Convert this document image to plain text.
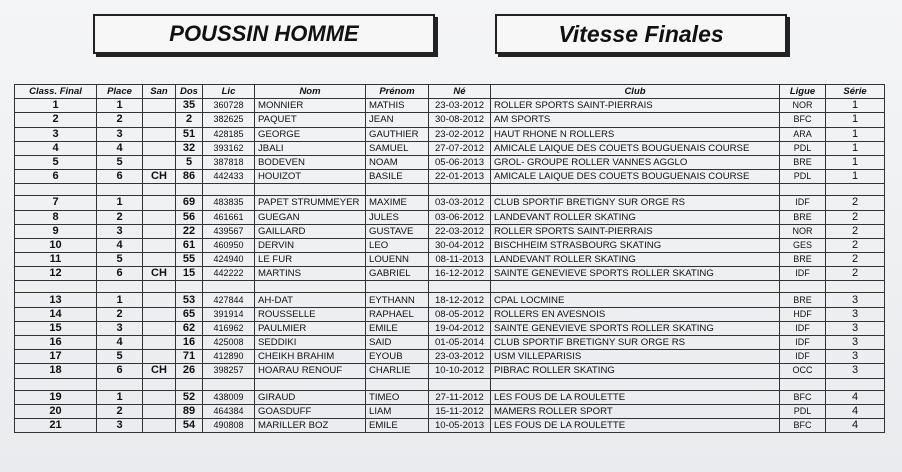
POUSSIN HOMME	Vitesse Finales
Class. Final	Place	San	Dos	Lic	Nom	Prénom	Né	Club	Ligue	Série
1	1		35	360728	MONNIER	MATHIS	23-03-2012	ROLLER SPORTS SAINT-PIERRAIS	NOR	1
2	2		2	382625	PAQUET	JEAN	30-08-2012	AM SPORTS	BFC	1
3	3		51	428185	GEORGE	GAUTHIER	23-02-2012	HAUT RHONE N ROLLERS	ARA	1
4	4		32	393162	JBALI	SAMUEL	27-07-2012	AMICALE LAIQUE DES COUETS BOUGUENAIS COURSE	PDL	1
5	5		5	387818	BODEVEN	NOAM	05-06-2013	GROL- GROUPE ROLLER VANNES AGGLO	BRE	1
6	6	CH	86	442433	HOUIZOT	BASILE	22-01-2013	AMICALE LAIQUE DES COUETS BOUGUENAIS COURSE	PDL	1

7	1		69	483835	PAPET STRUMMEYER	MAXIME	03-03-2012	CLUB SPORTIF BRETIGNY SUR ORGE RS	IDF	2
8	2		56	461661	GUEGAN	JULES	03-06-2012	LANDEVANT ROLLER SKATING	BRE	2
9	3		22	439567	GAILLARD	GUSTAVE	22-03-2012	ROLLER SPORTS SAINT-PIERRAIS	NOR	2
10	4		61	460950	DERVIN	LEO	30-04-2012	BISCHHEIM STRASBOURG SKATING	GES	2
11	5		55	424940	LE FUR	LOUENN	08-11-2013	LANDEVANT ROLLER SKATING	BRE	2
12	6	CH	15	442222	MARTINS	GABRIEL	16-12-2012	SAINTE GENEVIEVE SPORTS ROLLER SKATING	IDF	2

13	1		53	427844	AH-DAT	EYTHANN	18-12-2012	CPAL LOCMINE	BRE	3
14	2		65	391914	ROUSSELLE	RAPHAEL	08-05-2012	ROLLERS EN AVESNOIS	HDF	3
15	3		62	416962	PAULMIER	EMILE	19-04-2012	SAINTE GENEVIEVE SPORTS ROLLER SKATING	IDF	3
16	4		16	425008	SEDDIKI	SAID	01-05-2014	CLUB SPORTIF BRETIGNY SUR ORGE RS	IDF	3
17	5		71	412890	CHEIKH BRAHIM	EYOUB	23-03-2012	USM VILLEPARISIS	IDF	3
18	6	CH	26	398257	HOARAU RENOUF	CHARLIE	10-10-2012	PIBRAC ROLLER SKATING	OCC	3

19	1		52	438009	GIRAUD	TIMEO	27-11-2012	LES FOUS DE LA ROULETTE	BFC	4
20	2		89	464384	GOASDUFF	LIAM	15-11-2012	MAMERS ROLLER SPORT	PDL	4
21	3		54	490808	MARILLER BOZ	EMILE	10-05-2013	LES FOUS DE LA ROULETTE	BFC	4
